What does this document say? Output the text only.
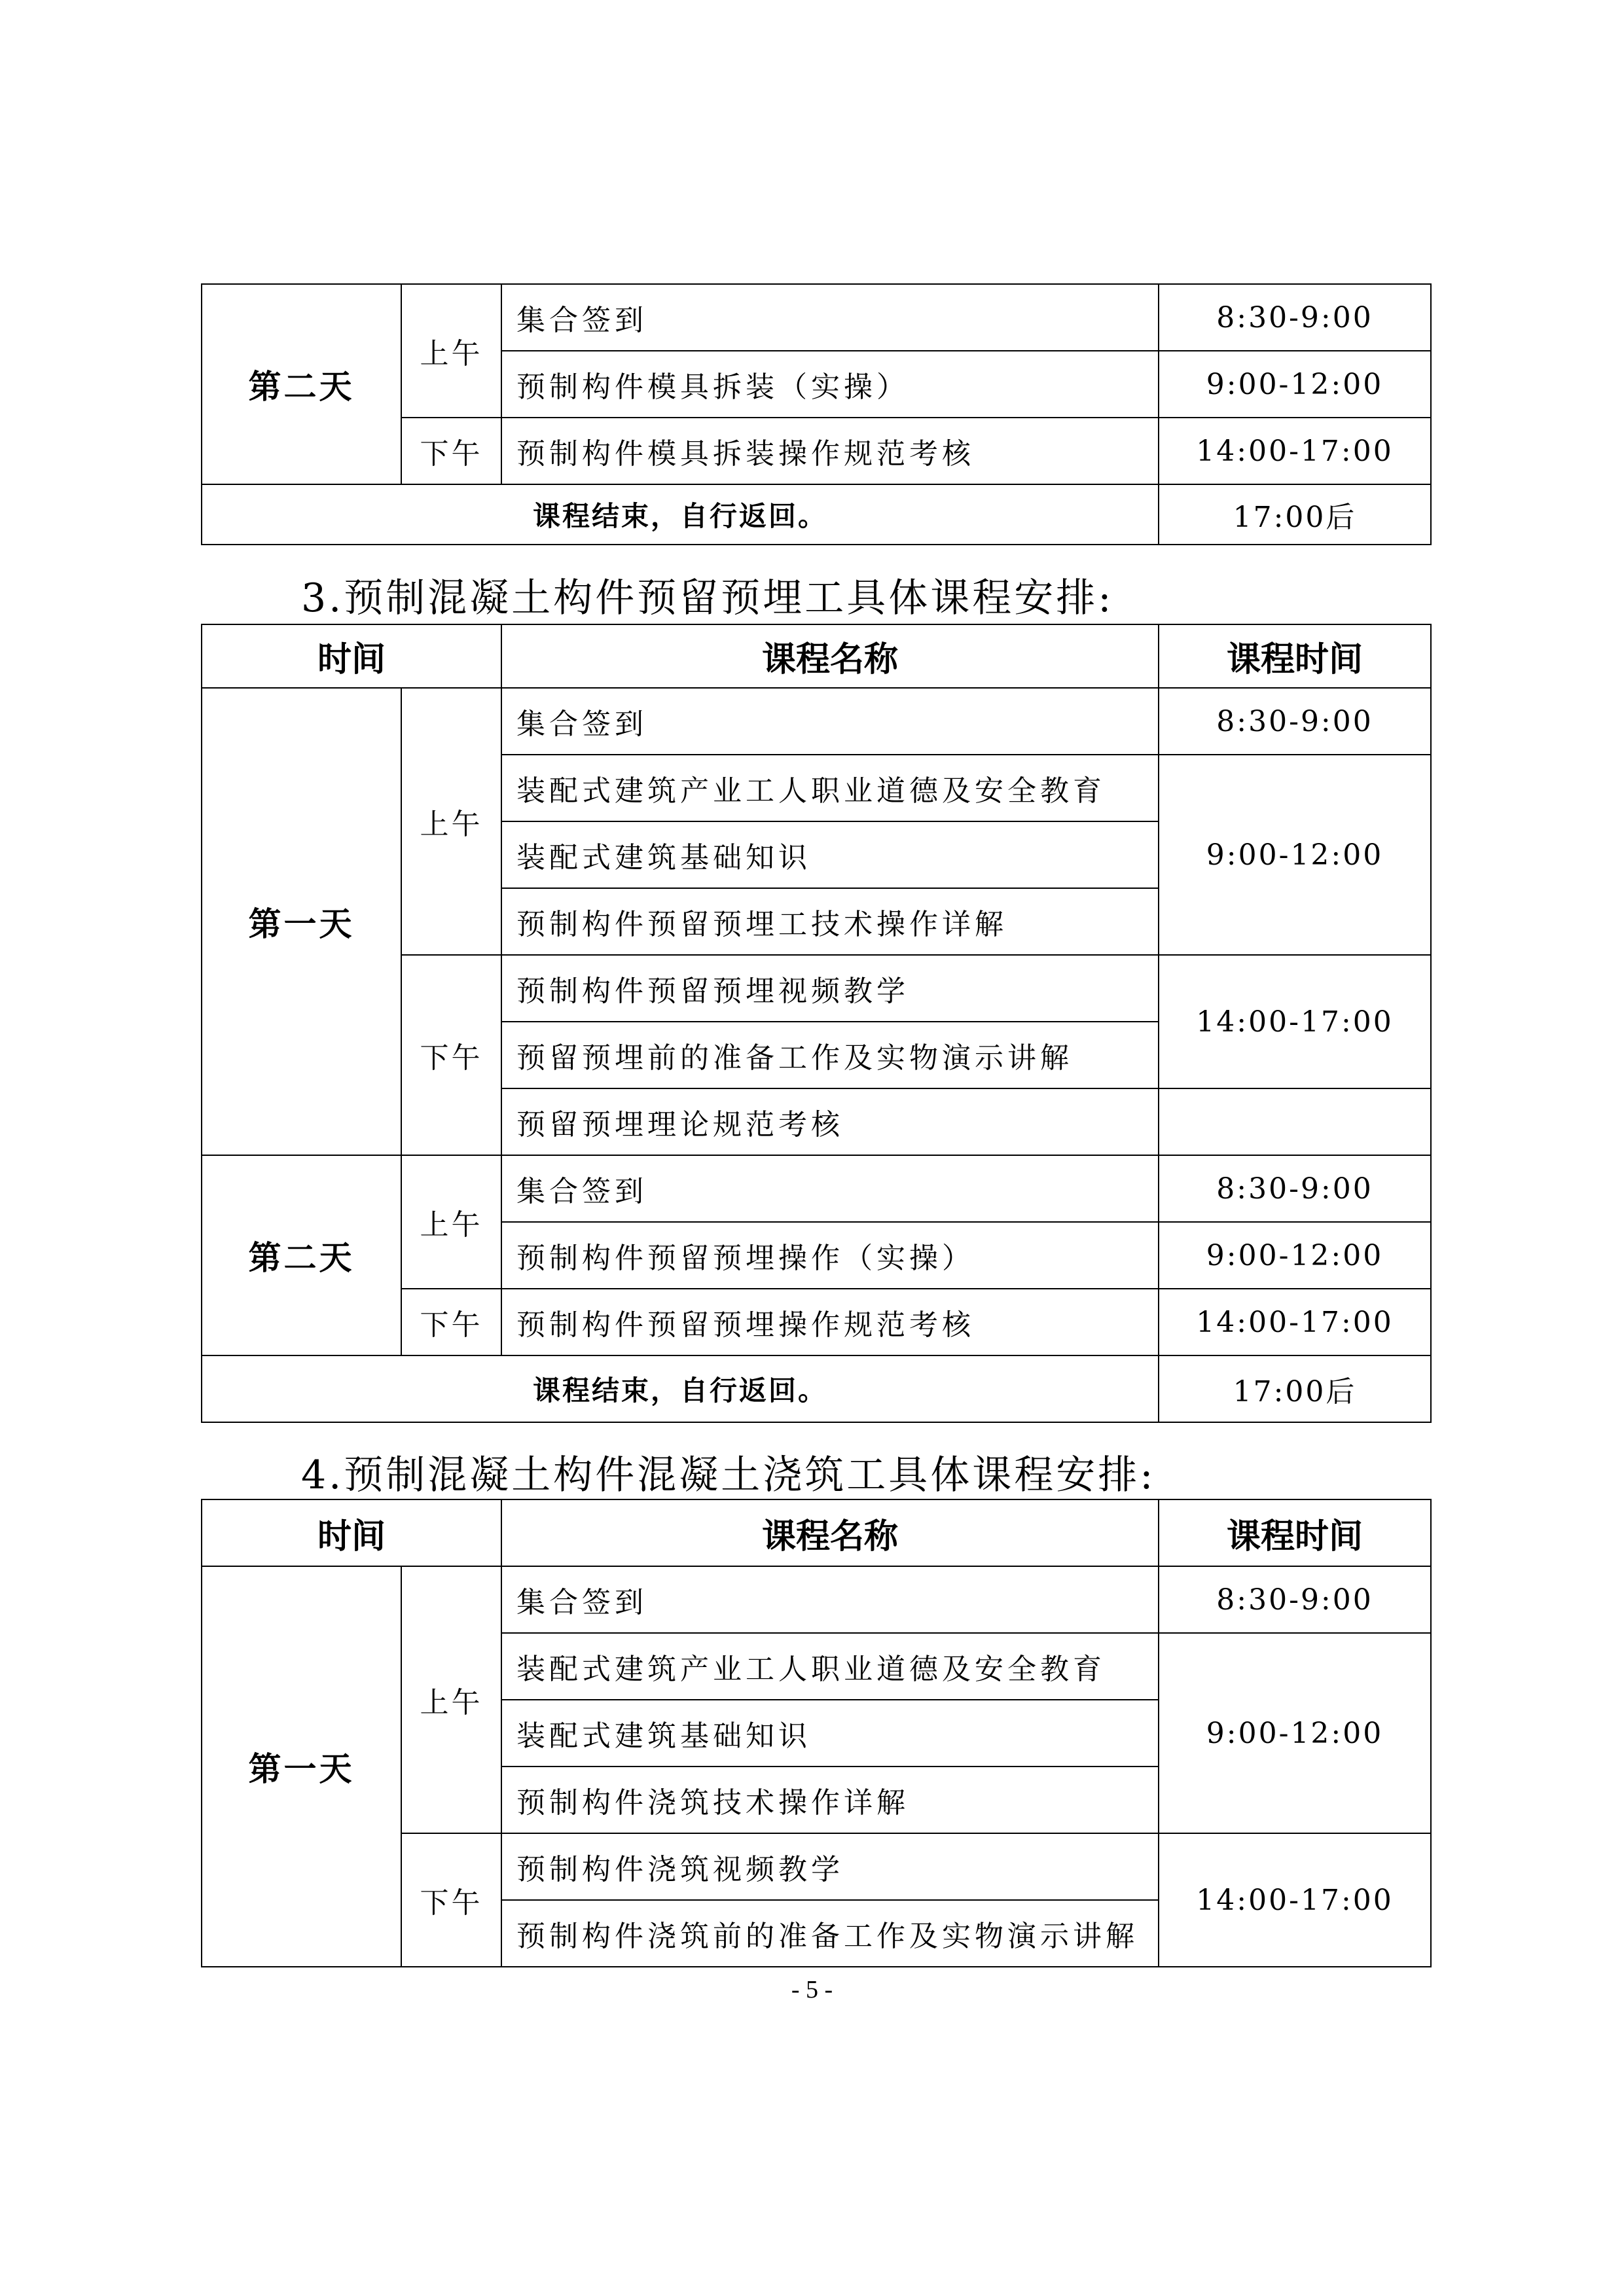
第二天	上午	集合签到	8:30-9:00
		预制构件模具拆装（实操）	9:00-12:00
	下午	预制构件模具拆装操作规范考核	14:00-17:00
课程结束，自行返回。			17:00后
3.预制混凝土构件预留预埋工具体课程安排:
时间		课程名称	课程时间
第一天	上午	集合签到	8:30-9:00
		装配式建筑产业工人职业道德及安全教育	9:00-12:00
		装配式建筑基础知识	
		预制构件预留预埋工技术操作详解	
	下午	预制构件预留预埋视频教学	14:00-17:00
		预留预埋前的准备工作及实物演示讲解	
		预留预埋理论规范考核	
第二天	上午	集合签到	8:30-9:00
		预制构件预留预埋操作（实操）	9:00-12:00
	下午	预制构件预留预埋操作规范考核	14:00-17:00
课程结束，自行返回。			17:00后
4.预制混凝土构件混凝土浇筑工具体课程安排:
时间		课程名称	课程时间
第一天	上午	集合签到	8:30-9:00
		装配式建筑产业工人职业道德及安全教育	9:00-12:00
		装配式建筑基础知识	
		预制构件浇筑技术操作详解	
	下午	预制构件浇筑视频教学	14:00-17:00
		预制构件浇筑前的准备工作及实物演示讲解	
- 5 -
